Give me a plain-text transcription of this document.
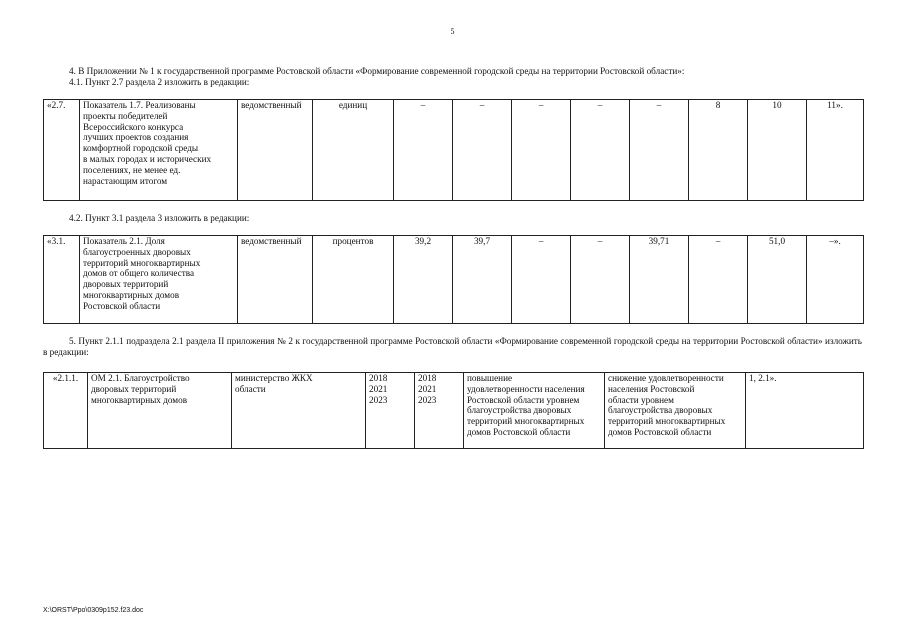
5
4. В Приложении № 1 к государственной программе Ростовской области «Формирование современной городской среды на территории Ростовской области»:
4.1. Пункт 2.7 раздела 2 изложить в редакции:
«2.7.	Показатель 1.7. Реализованы
проекты победителей
Всероссийского конкурса
лучших проектов создания
комфортной городской среды
в малых городах и исторических
поселениях, не менее ед.
нарастающим итогом	ведомственный	единиц	–	–	–	–	–	8	10	11».
4.2. Пункт 3.1 раздела 3 изложить в редакции:
«3.1.	Показатель 2.1. Доля
благоустроенных дворовых
территорий многоквартирных
домов от общего количества
дворовых территорий
многоквартирных домов
Ростовской области	ведомственный	процентов	39,2	39,7	–	–	39,71	–	51,0	–».
5. Пункт 2.1.1 подраздела 2.1 раздела II приложения № 2 к государственной программе Ростовской области «Формирование современной городской среды на территории Ростовской области» изложить в редакции:
«2.1.1.	ОМ 2.1. Благоустройство
дворовых территорий
многоквартирных домов	министерство ЖКХ
области	2018
2021
2023	2018
2021
2023	повышение
удовлетворенности населения
Ростовской области уровнем
благоустройства дворовых
территорий многоквартирных
домов Ростовской области	снижение удовлетворенности
населения Ростовской
области уровнем
благоустройства дворовых
территорий многоквартирных
домов Ростовской области	1, 2.1».
X:\ORST\Ppo\0309p152.f23.doc
